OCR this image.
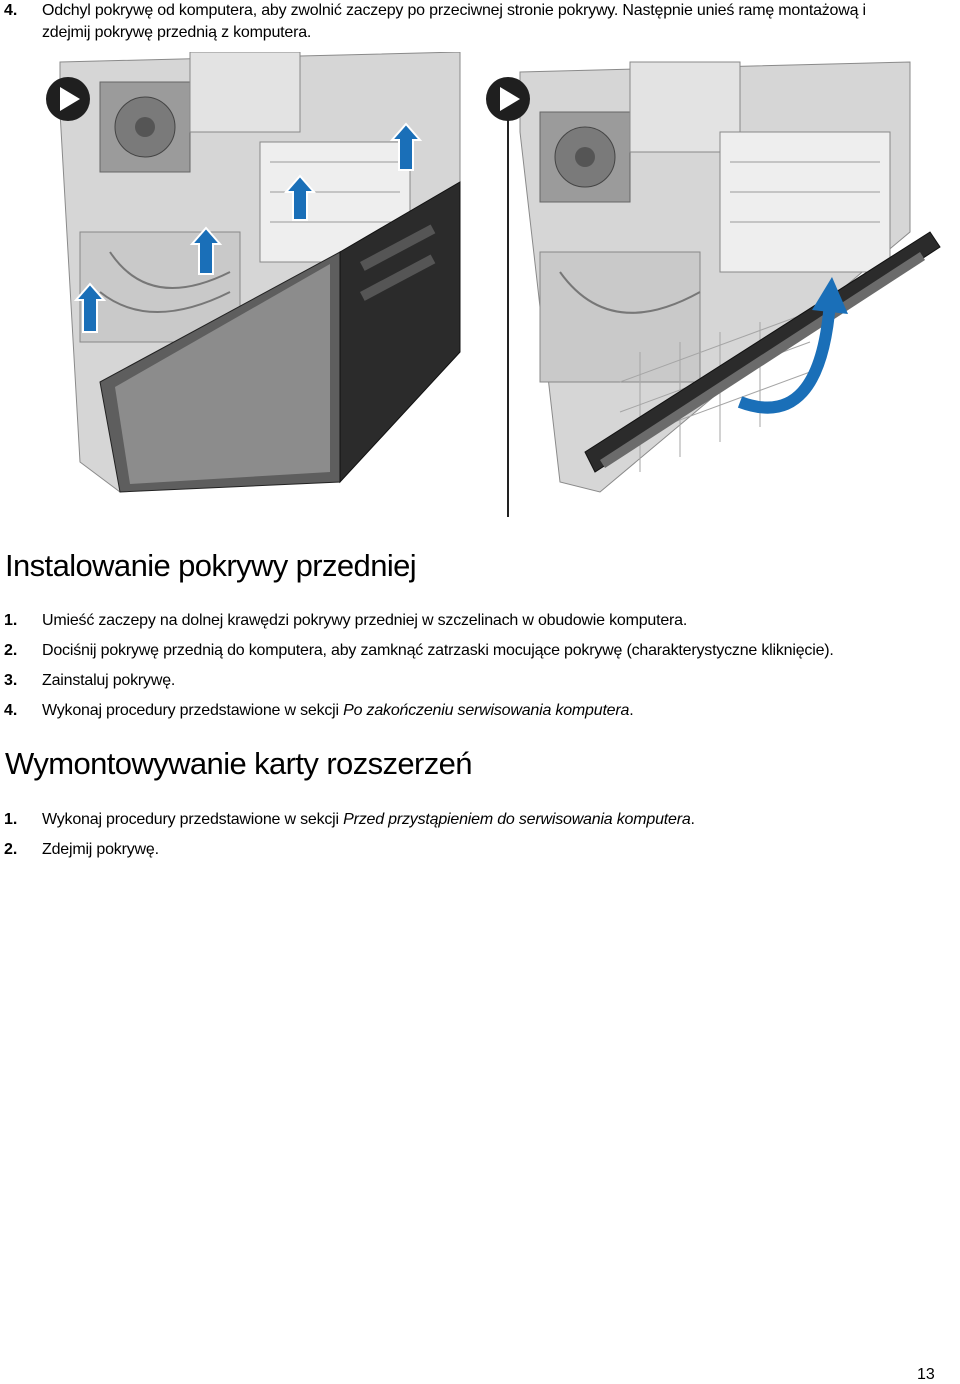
4. Odchyl pokrywę od komputera, aby zwolnić zaczepy po przeciwnej stronie pokrywy. Następnie unieś ramę montażową i
zdejmij pokrywę przednią z komputera.
Instalowanie pokrywy przedniej
1. Umieść zaczepy na dolnej krawędzi pokrywy przedniej w szczelinach w obudowie komputera.
2. Dociśnij pokrywę przednią do komputera, aby zamknąć zatrzaski mocujące pokrywę (charakterystyczne kliknięcie).
3. Zainstaluj pokrywę.
4. Wykonaj procedury przedstawione w sekcji Po zakończeniu serwisowania komputera.
Wymontowywanie karty rozszerzeń
1. Wykonaj procedury przedstawione w sekcji Przed przystąpieniem do serwisowania komputera.
2. Zdejmij pokrywę.
13
